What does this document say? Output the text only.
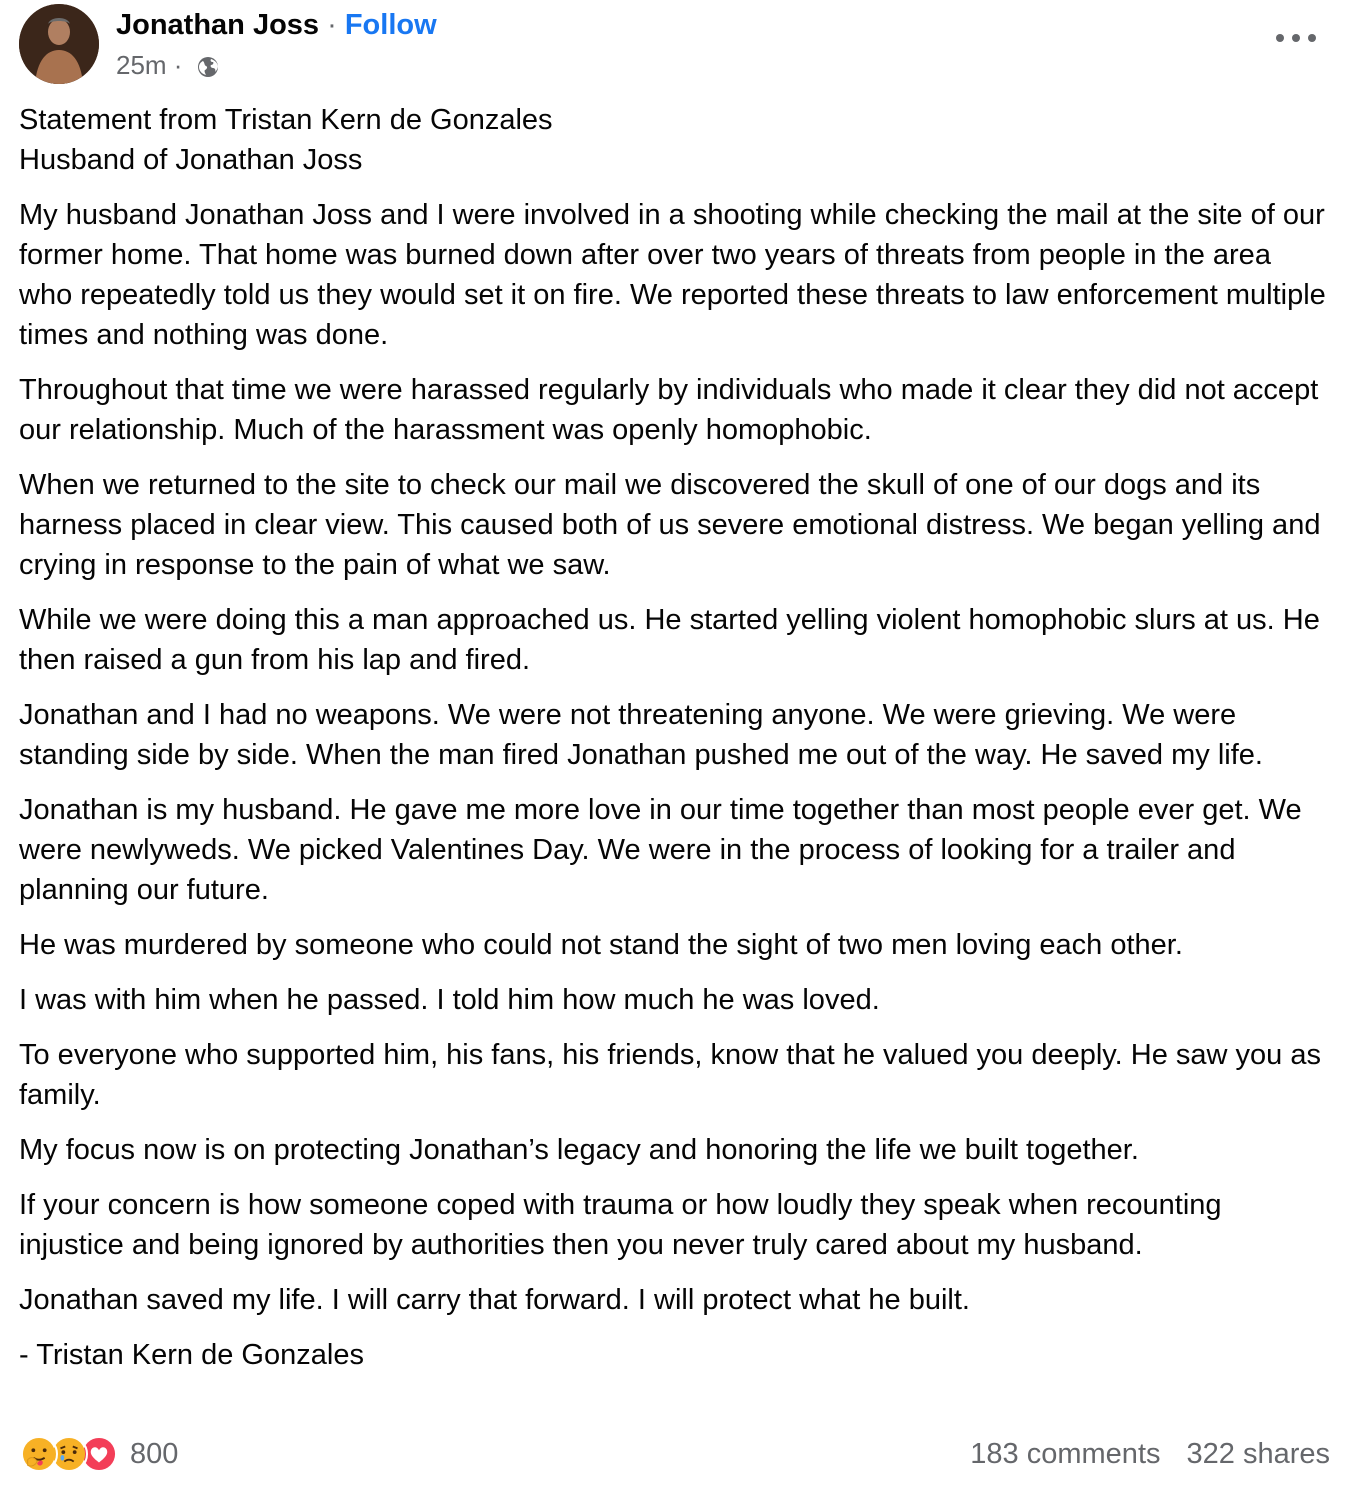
Jonathan Joss · Follow
25m ·

Statement from Tristan Kern de Gonzales

Husband of Jonathan Joss

My husband Jonathan Joss and I were involved in a shooting while checking the mail at the site of our former home. That home was burned down after over two years of threats from people in the area who repeatedly told us they would set it on fire. We reported these threats to law enforcement multiple times and nothing was done.

Throughout that time we were harassed regularly by individuals who made it clear they did not accept our relationship. Much of the harassment was openly homophobic.

When we returned to the site to check our mail we discovered the skull of one of our dogs and its harness placed in clear view. This caused both of us severe emotional distress. We began yelling and crying in response to the pain of what we saw.

While we were doing this a man approached us. He started yelling violent homophobic slurs at us. He then raised a gun from his lap and fired.

Jonathan and I had no weapons. We were not threatening anyone. We were grieving. We were standing side by side. When the man fired Jonathan pushed me out of the way. He saved my life.

Jonathan is my husband. He gave me more love in our time together than most people ever get. We were newlyweds. We picked Valentines Day. We were in the process of looking for a trailer and planning our future.

He was murdered by someone who could not stand the sight of two men loving each other.

I was with him when he passed. I told him how much he was loved.

To everyone who supported him, his fans, his friends, know that he valued you deeply. He saw you as family.

My focus now is on protecting Jonathan’s legacy and honoring the life we built together.

If your concern is how someone coped with trauma or how loudly they speak when recounting injustice and being ignored by authorities then you never truly cared about my husband.

Jonathan saved my life. I will carry that forward. I will protect what he built.

- Tristan Kern de Gonzales

800	183 comments 322 shares
